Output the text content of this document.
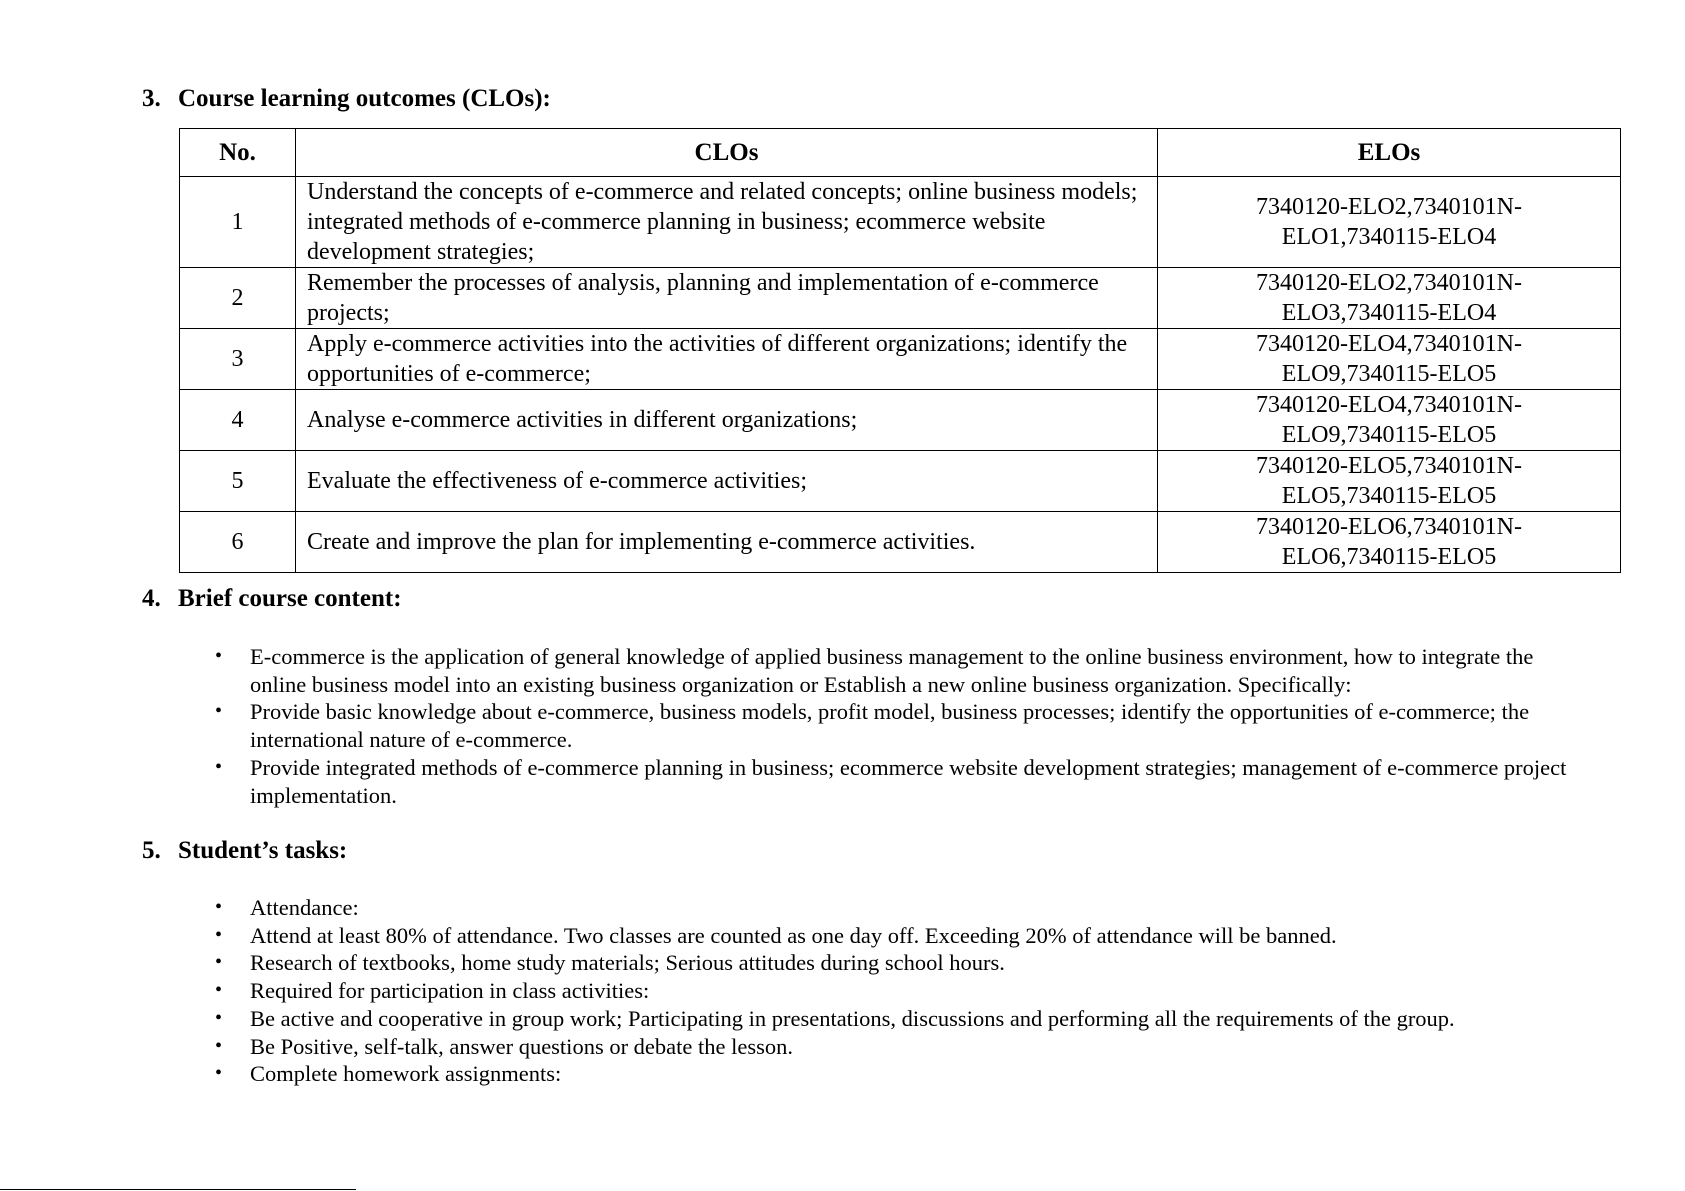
3. Course learning outcomes (CLOs):
No.	CLOs	ELOs
1	Understand the concepts of e-commerce and related concepts; online business models; integrated methods of e-commerce planning in business; ecommerce website development strategies;	7340120-ELO2,7340101N-
ELO1,7340115-ELO4

2	Remember the processes of analysis, planning and implementation of e-commerce projects;	7340120-ELO2,7340101N-
ELO3,7340115-ELO4

3	Apply e-commerce activities into the activities of different organizations; identify the opportunities of e-commerce;	7340120-ELO4,7340101N-
ELO9,7340115-ELO5

4	Analyse e-commerce activities in different organizations;	7340120-ELO4,7340101N-
ELO9,7340115-ELO5

5	Evaluate the effectiveness of e-commerce activities;	7340120-ELO5,7340101N-
ELO5,7340115-ELO5

6	Create and improve the plan for implementing e-commerce activities.	7340120-ELO6,7340101N-
ELO6,7340115-ELO5
4. Brief course content:
• E-commerce is the application of general knowledge of applied business management to the online business environment, how to integrate the online business model into an existing business organization or Establish a new online business organization. Specifically:
• Provide basic knowledge about e-commerce, business models, profit model, business processes; identify the opportunities of e-commerce; the international nature of e-commerce.
• Provide integrated methods of e-commerce planning in business; ecommerce website development strategies; management of e-commerce project implementation.
5. Student’s tasks:
• Attendance:
• Attend at least 80% of attendance. Two classes are counted as one day off. Exceeding 20% of attendance will be banned.
• Research of textbooks, home study materials; Serious attitudes during school hours.
• Required for participation in class activities:
• Be active and cooperative in group work; Participating in presentations, discussions and performing all the requirements of the group.
• Be Positive, self-talk, answer questions or debate the lesson.
• Complete homework assignments:
